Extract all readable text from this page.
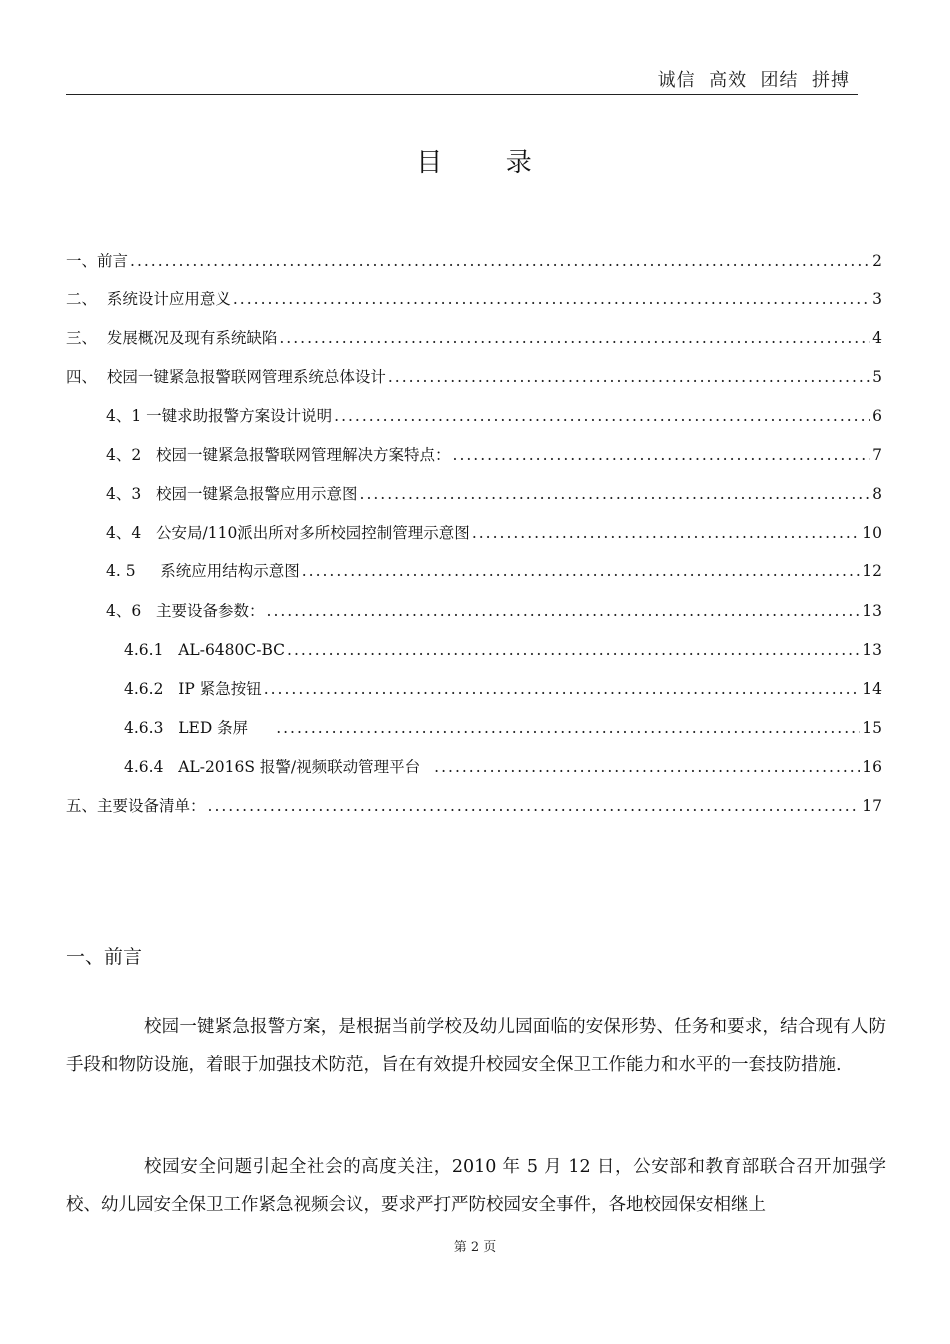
诚信  高效  团结  拼搏
目      录
一、前言 .....	2
二、  系统设计应用意义 .....	3
三、  发展概况及现有系统缺陷 .....	4
四、  校园一键紧急报警联网管理系统总体设计 .....	5
4、1 一键求助报警方案设计说明 .....	6
4、2   校园一键紧急报警联网管理解决方案特点： .....	7
4、3   校园一键紧急报警应用示意图 .....	8
4、4   公安局/110派出所对多所校园控制管理示意图 .....	10
4. 5     系统应用结构示意图 .....	12
4、6   主要设备参数： .....	13
4.6.1   AL-6480C-BC .....	13
4.6.2   IP 紧急按钮 .....	14
4.6.3   LED 条屏 .....	15
4.6.4   AL-2016S 报警/视频联动管理平台 .....	16
五、主要设备清单： .....	17
一、前言

校园一键紧急报警方案，是根据当前学校及幼儿园面临的安保形势、任务和要求，结合现有人防手段和物防设施，着眼于加强技术防范，旨在有效提升校园安全保卫工作能力和水平的一套技防措施.

校园安全问题引起全社会的高度关注，2010 年 5 月 12 日，公安部和教育部联合召开加强学校、幼儿园安全保卫工作紧急视频会议，要求严打严防校园安全事件，各地校园保安相继上

第 2 页
